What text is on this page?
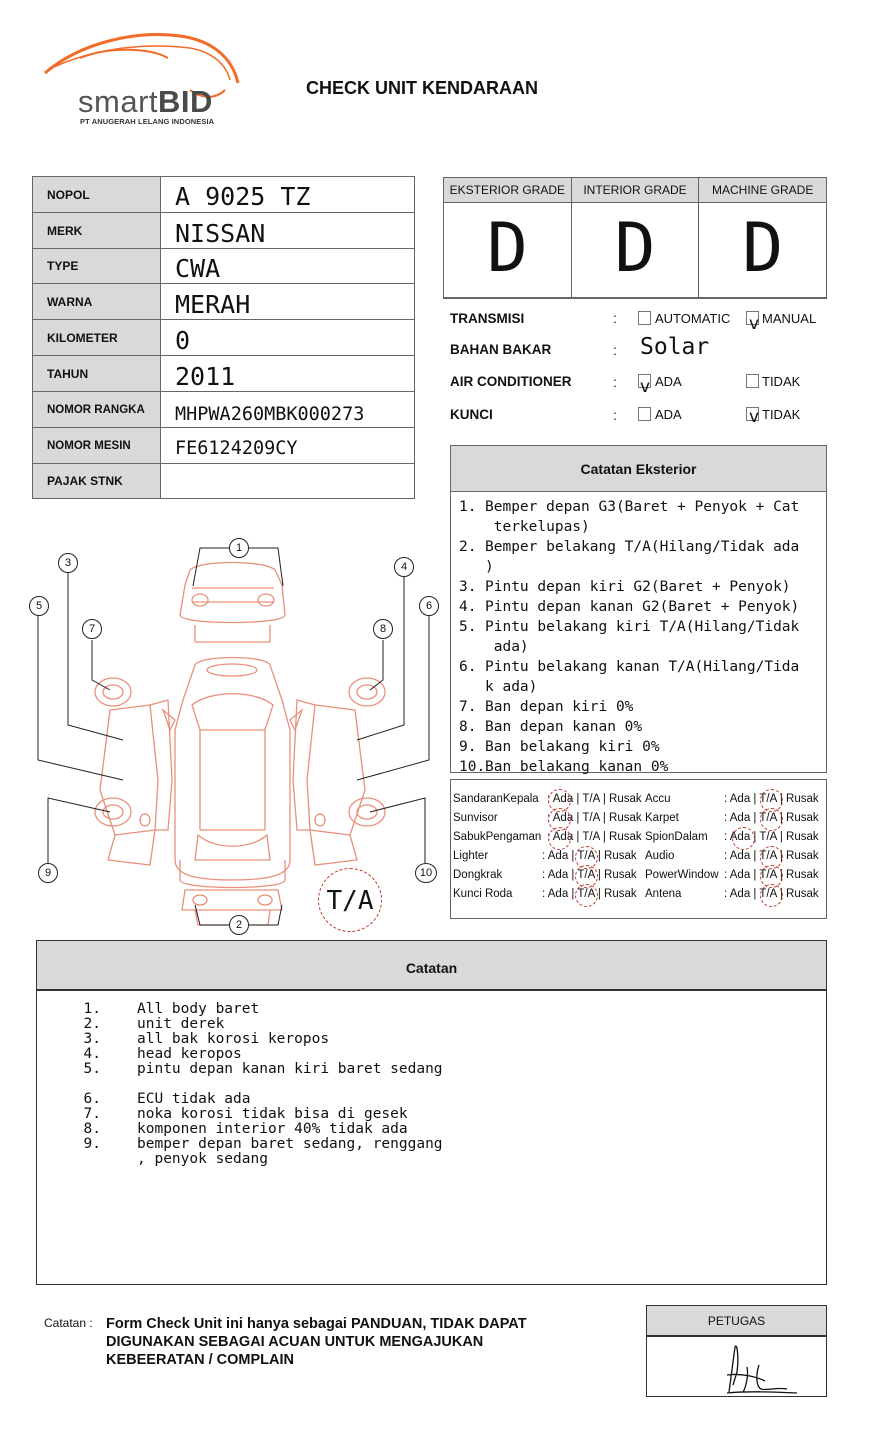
smartBID
PT ANUGERAH LELANG INDONESIA
CHECK UNIT KENDARAAN
NOPOL	A 9025 TZ
MERK	NISSAN
TYPE	CWA
WARNA	MERAH
KILOMETER	0
TAHUN	2011
NOMOR RANGKA	MHPWA260MBK000273
NOMOR MESIN	FE6124209CY
PAJAK STNK	
EKSTERIOR GRADE
D
INTERIOR GRADE
D
MACHINE GRADE
D
TRANSMISI	:	AUTOMATIC v MANUAL
BAHAN BAKAR	: Solar
AIR CONDITIONER	: v ADA	TIDAK
KUNCI	:	ADA	v TIDAK
Catatan Eksterior
1. Bemper depan G3(Baret + Penyok + Cat
terkelupas)
2. Bemper belakang T/A(Hilang/Tidak ada
)
3. Pintu depan kiri G2(Baret + Penyok)
4. Pintu depan kanan G2(Baret + Penyok)
5. Pintu belakang kiri T/A(Hilang/Tidak
ada)
6. Pintu belakang kanan T/A(Hilang/Tida
k ada)
7. Ban depan kiri 0%
8. Ban depan kanan 0%
9. Ban belakang kiri 0%
10. Ban belakang kanan 0%
SandaranKepala : Ada | T/A | Rusak
Sunvisor	: Ada | T/A | Rusak
SabukPengaman : Ada | T/A | Rusak
Lighter	: Ada | T/A | Rusak
Dongkrak	: Ada | T/A | Rusak
Kunci Roda	: Ada | T/A | Rusak
Accu	: Ada | T/A | Rusak
Karpet	: Ada | T/A | Rusak
SpionDalam : Ada | T/A | Rusak
Audio	: Ada | T/A | Rusak
PowerWindow : Ada | T/A | Rusak
Antena	: Ada | T/A | Rusak
1
2
3	4
5	6
7	8
9	10
T/A
Catatan
1.	All body baret
2.	unit derek
3.	all bak korosi keropos
4.	head keropos
5.	pintu depan kanan kiri baret sedang
6.	ECU tidak ada
7.	noka korosi tidak bisa di gesek
8.	komponen interior 40% tidak ada
9.	bemper depan baret sedang, renggang
, penyok sedang
Catatan : Form Check Unit ini hanya sebagai PANDUAN, TIDAK DAPAT DIGUNAKAN SEBAGAI ACUAN UNTUK MENGAJUKAN KEBEERATAN / COMPLAIN
PETUGAS
